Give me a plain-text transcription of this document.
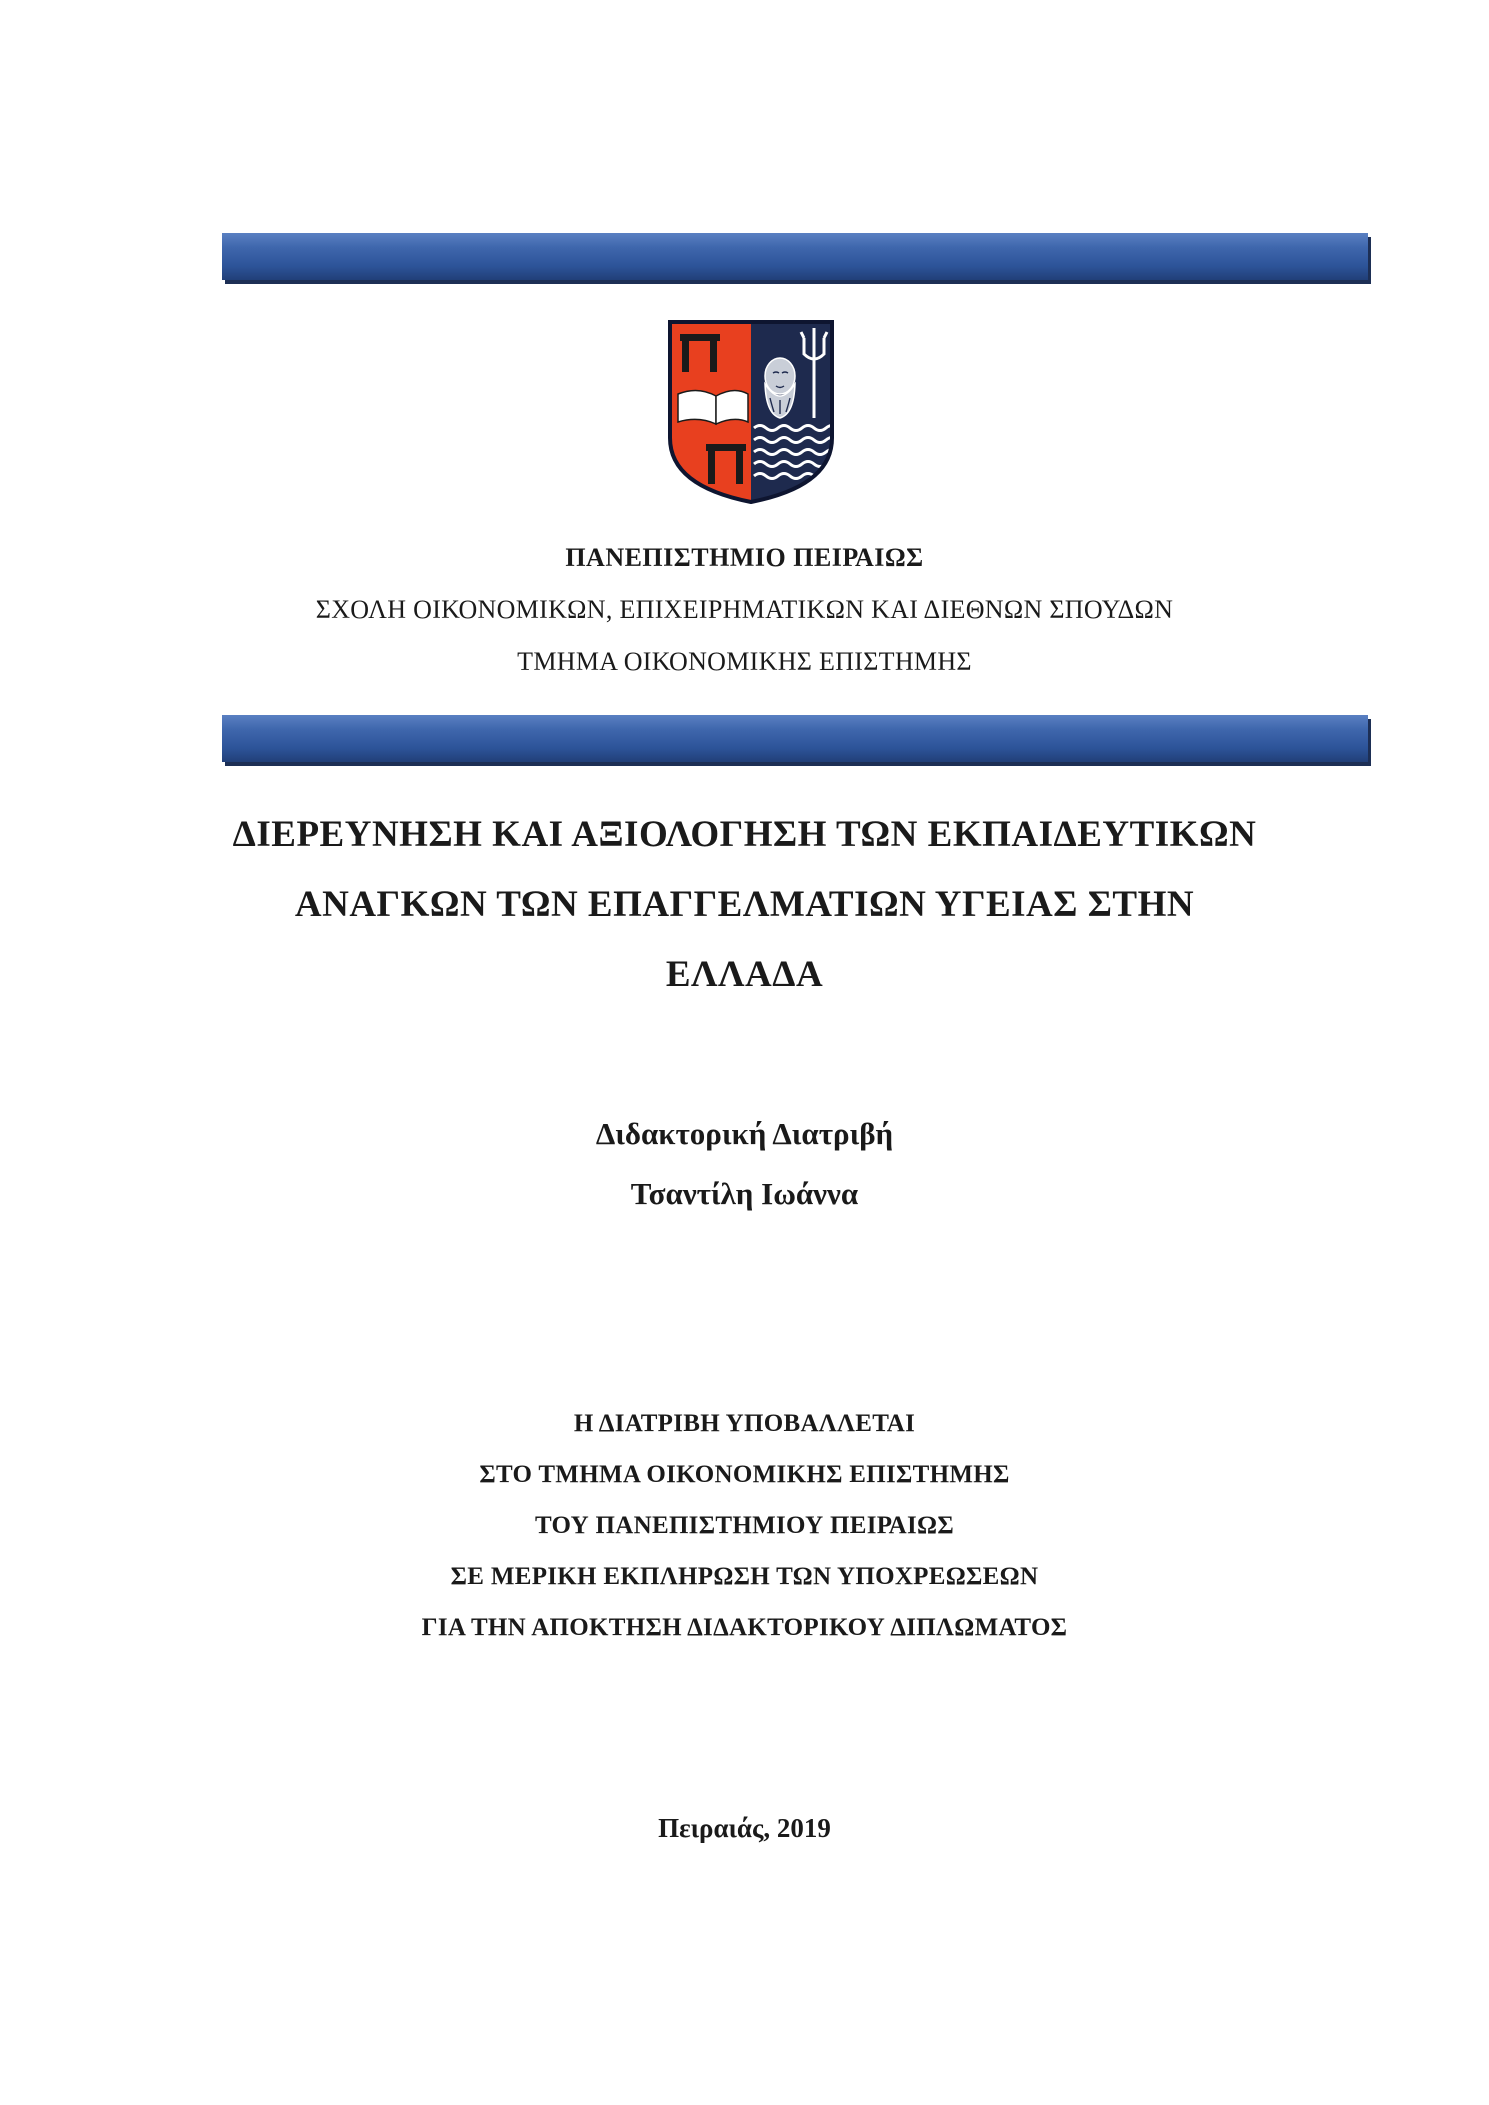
ΠΑΝΕΠΙΣΤΗΜΙΟ ΠΕΙΡΑΙΩΣ
ΣΧΟΛΗ ΟΙΚΟΝΟΜΙΚΩΝ, ΕΠΙΧΕΙΡΗΜΑΤΙΚΩΝ ΚΑΙ ΔΙΕΘΝΩΝ ΣΠΟΥΔΩΝ
ΤΜΗΜΑ ΟΙΚΟΝΟΜΙΚΗΣ ΕΠΙΣΤΗΜΗΣ
ΔΙΕΡΕΥΝΗΣΗ ΚΑΙ ΑΞΙΟΛΟΓΗΣΗ ΤΩΝ ΕΚΠΑΙΔΕΥΤΙΚΩΝ
ΑΝΑΓΚΩΝ ΤΩΝ ΕΠΑΓΓΕΛΜΑΤΙΩΝ ΥΓΕΙΑΣ ΣΤΗΝ
ΕΛΛΑΔΑ
Διδακτορική Διατριβή
Τσαντίλη Ιωάννα
Η ΔΙΑΤΡΙΒΗ ΥΠΟΒΑΛΛΕΤΑΙ
ΣΤΟ ΤΜΗΜΑ ΟΙΚΟΝΟΜΙΚΗΣ ΕΠΙΣΤΗΜΗΣ
ΤΟΥ ΠΑΝΕΠΙΣΤΗΜΙΟΥ ΠΕΙΡΑΙΩΣ
ΣΕ ΜΕΡΙΚΗ ΕΚΠΛΗΡΩΣΗ ΤΩΝ ΥΠΟΧΡΕΩΣΕΩΝ
ΓΙΑ ΤΗΝ ΑΠΟΚΤΗΣΗ ΔΙΔΑΚΤΟΡΙΚΟΥ ΔΙΠΛΩΜΑΤΟΣ
Πειραιάς, 2019
